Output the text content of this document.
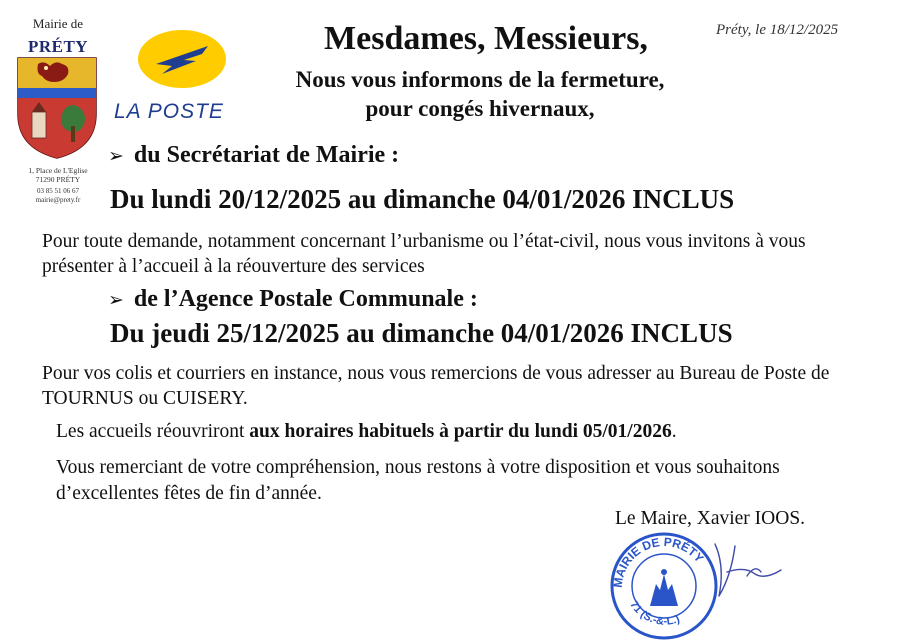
Mairie de
PRÉTY
1, Place de L'Eglise
71290 PRÉTY
03 85 51 06 67
mairie@prety.fr
LA POSTE
Préty, le 18/12/2025
Mesdames, Messieurs,
Nous vous informons de la fermeture,
pour congés hivernaux,
➢ du Secrétariat de Mairie :
Du lundi 20/12/2025 au dimanche 04/01/2026 INCLUS
Pour toute demande, notamment concernant l’urbanisme ou l’état-civil, nous vous invitons à vous présenter à l’accueil à la réouverture des services
➢ de l’Agence Postale Communale :
Du jeudi 25/12/2025 au dimanche 04/01/2026 INCLUS
Pour vos colis et courriers en instance, nous vous remercions de vous adresser au Bureau de Poste de TOURNUS ou CUISERY.
Les accueils réouvriront aux horaires habituels à partir du lundi 05/01/2026.
Vous remerciant de votre compréhension, nous restons à votre disposition et vous souhaitons d’excellentes fêtes de fin d’année.
Le Maire, Xavier IOOS.
MAIRIE DE PRÉTY
71 (S.-&-L.)
